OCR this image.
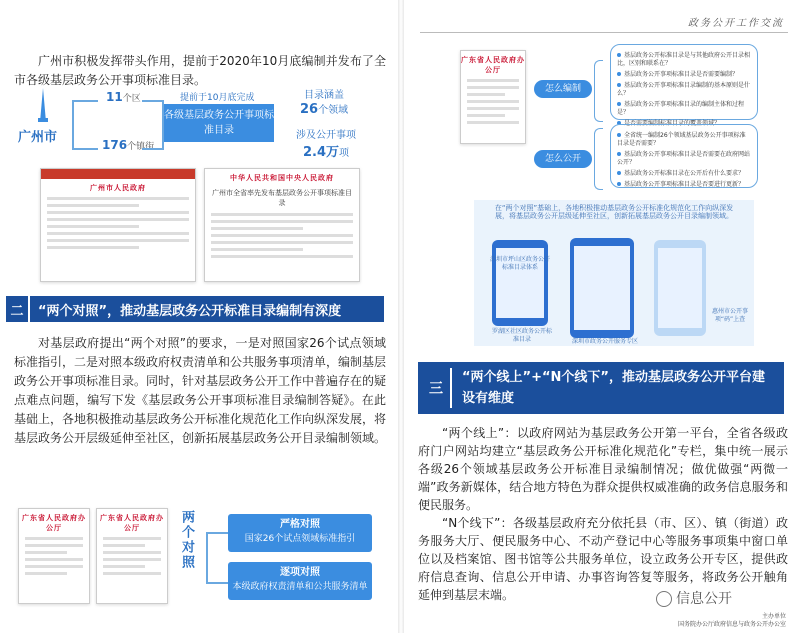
政务公开工作交流

广州市积极发挥带头作用，提前于2020年10月底编制并发布了全市各级基层政务公开事项标准目录。

广州市
11个区
176个镇街
提前于10月底完成
各级基层政务公开事项标准目录
目录涵盖
26个领域
涉及公开事项
2.4万项
广州市人民政府
中华人民共和国中央人民政府
广州市全省率先发布基层政务公开事项标准目录
二	“两个对照”，推动基层政务公开标准目录编制有深度

对基层政府提出“两个对照”的要求，一是对照国家26个试点领域标准指引，二是对照本级政府权责清单和公共服务事项清单，编制基层政务公开事项标准目录。同时，针对基层政务公开工作中普遍存在的疑点难点问题，编写下发《基层政务公开事项标准目录编制答疑》。在此基础上，各地积极推动基层政务公开标准化规范化工作向纵深发展，将基层政务公开层级延伸至社区，创新拓展基层政务公开目录编制领域。

广东省人民政府办公厅
广东省人民政府办公厅	两个对照	严格对照
国家26个试点领域标准指引
逐项对照
本级政府权责清单和公共服务清单
广东省人民政府办公厅
怎么编制
怎么公开
基层政务公开标准目录是与其他政府公开目录相比，区别和联系在？
基层政务公开事项标准目录是否需要编制？
基层政务公开事项标准目录编制的基本原则是什么？
基层政务公开事项标准目录的编制主体和过程是？
是否需要编制标准目录的覆盖领域？
全省统一编制26个领域基层政务公开事项标准目录是否需要？
基层政务公开事项标准目录是否需要在政府网站公开？
基层政务公开标准目录在公开后有什么要求？
基层政务公开事项标准目录是否要进行更新？
在“两个对照”基础上，各地积极推动基层政务公开标准化规范化工作向纵深发展，将基层政务公开层级延伸至社区，创新拓展基层政务公开目录编制领域。
深圳市坪山区政务公开标准目录体系
罗湖区社区政务公开标准目录	深圳市政务公开服务专区
惠州市公开事项“码”上查
三
“两个线上”+“N个线下”，推动基层政务公开平台建设有维度

“两个线上”：以政府网站为基层政务公开第一平台，全省各级政府门户网站均建立“基层政务公开标准化规范化”专栏，集中统一展示各级26个领域基层政务公开标准目录编制情况；做优做强“两微一端”政务新媒体，结合地方特色为群众提供权威准确的政务信息服务和便民服务。

“N个线下”：各级基层政府充分依托县（市、区）、镇（街道）政务服务大厅、便民服务中心、不动产登记中心等服务事项集中窗口单位以及档案馆、图书馆等公共服务单位，设立政务公开专区，提供政府信息查询、信息公开申请、办事咨询答复等服务，将政务公开触角延伸到基层末端。	信息公开
主办单位
国务院办公厅政府信息与政务公开办公室
